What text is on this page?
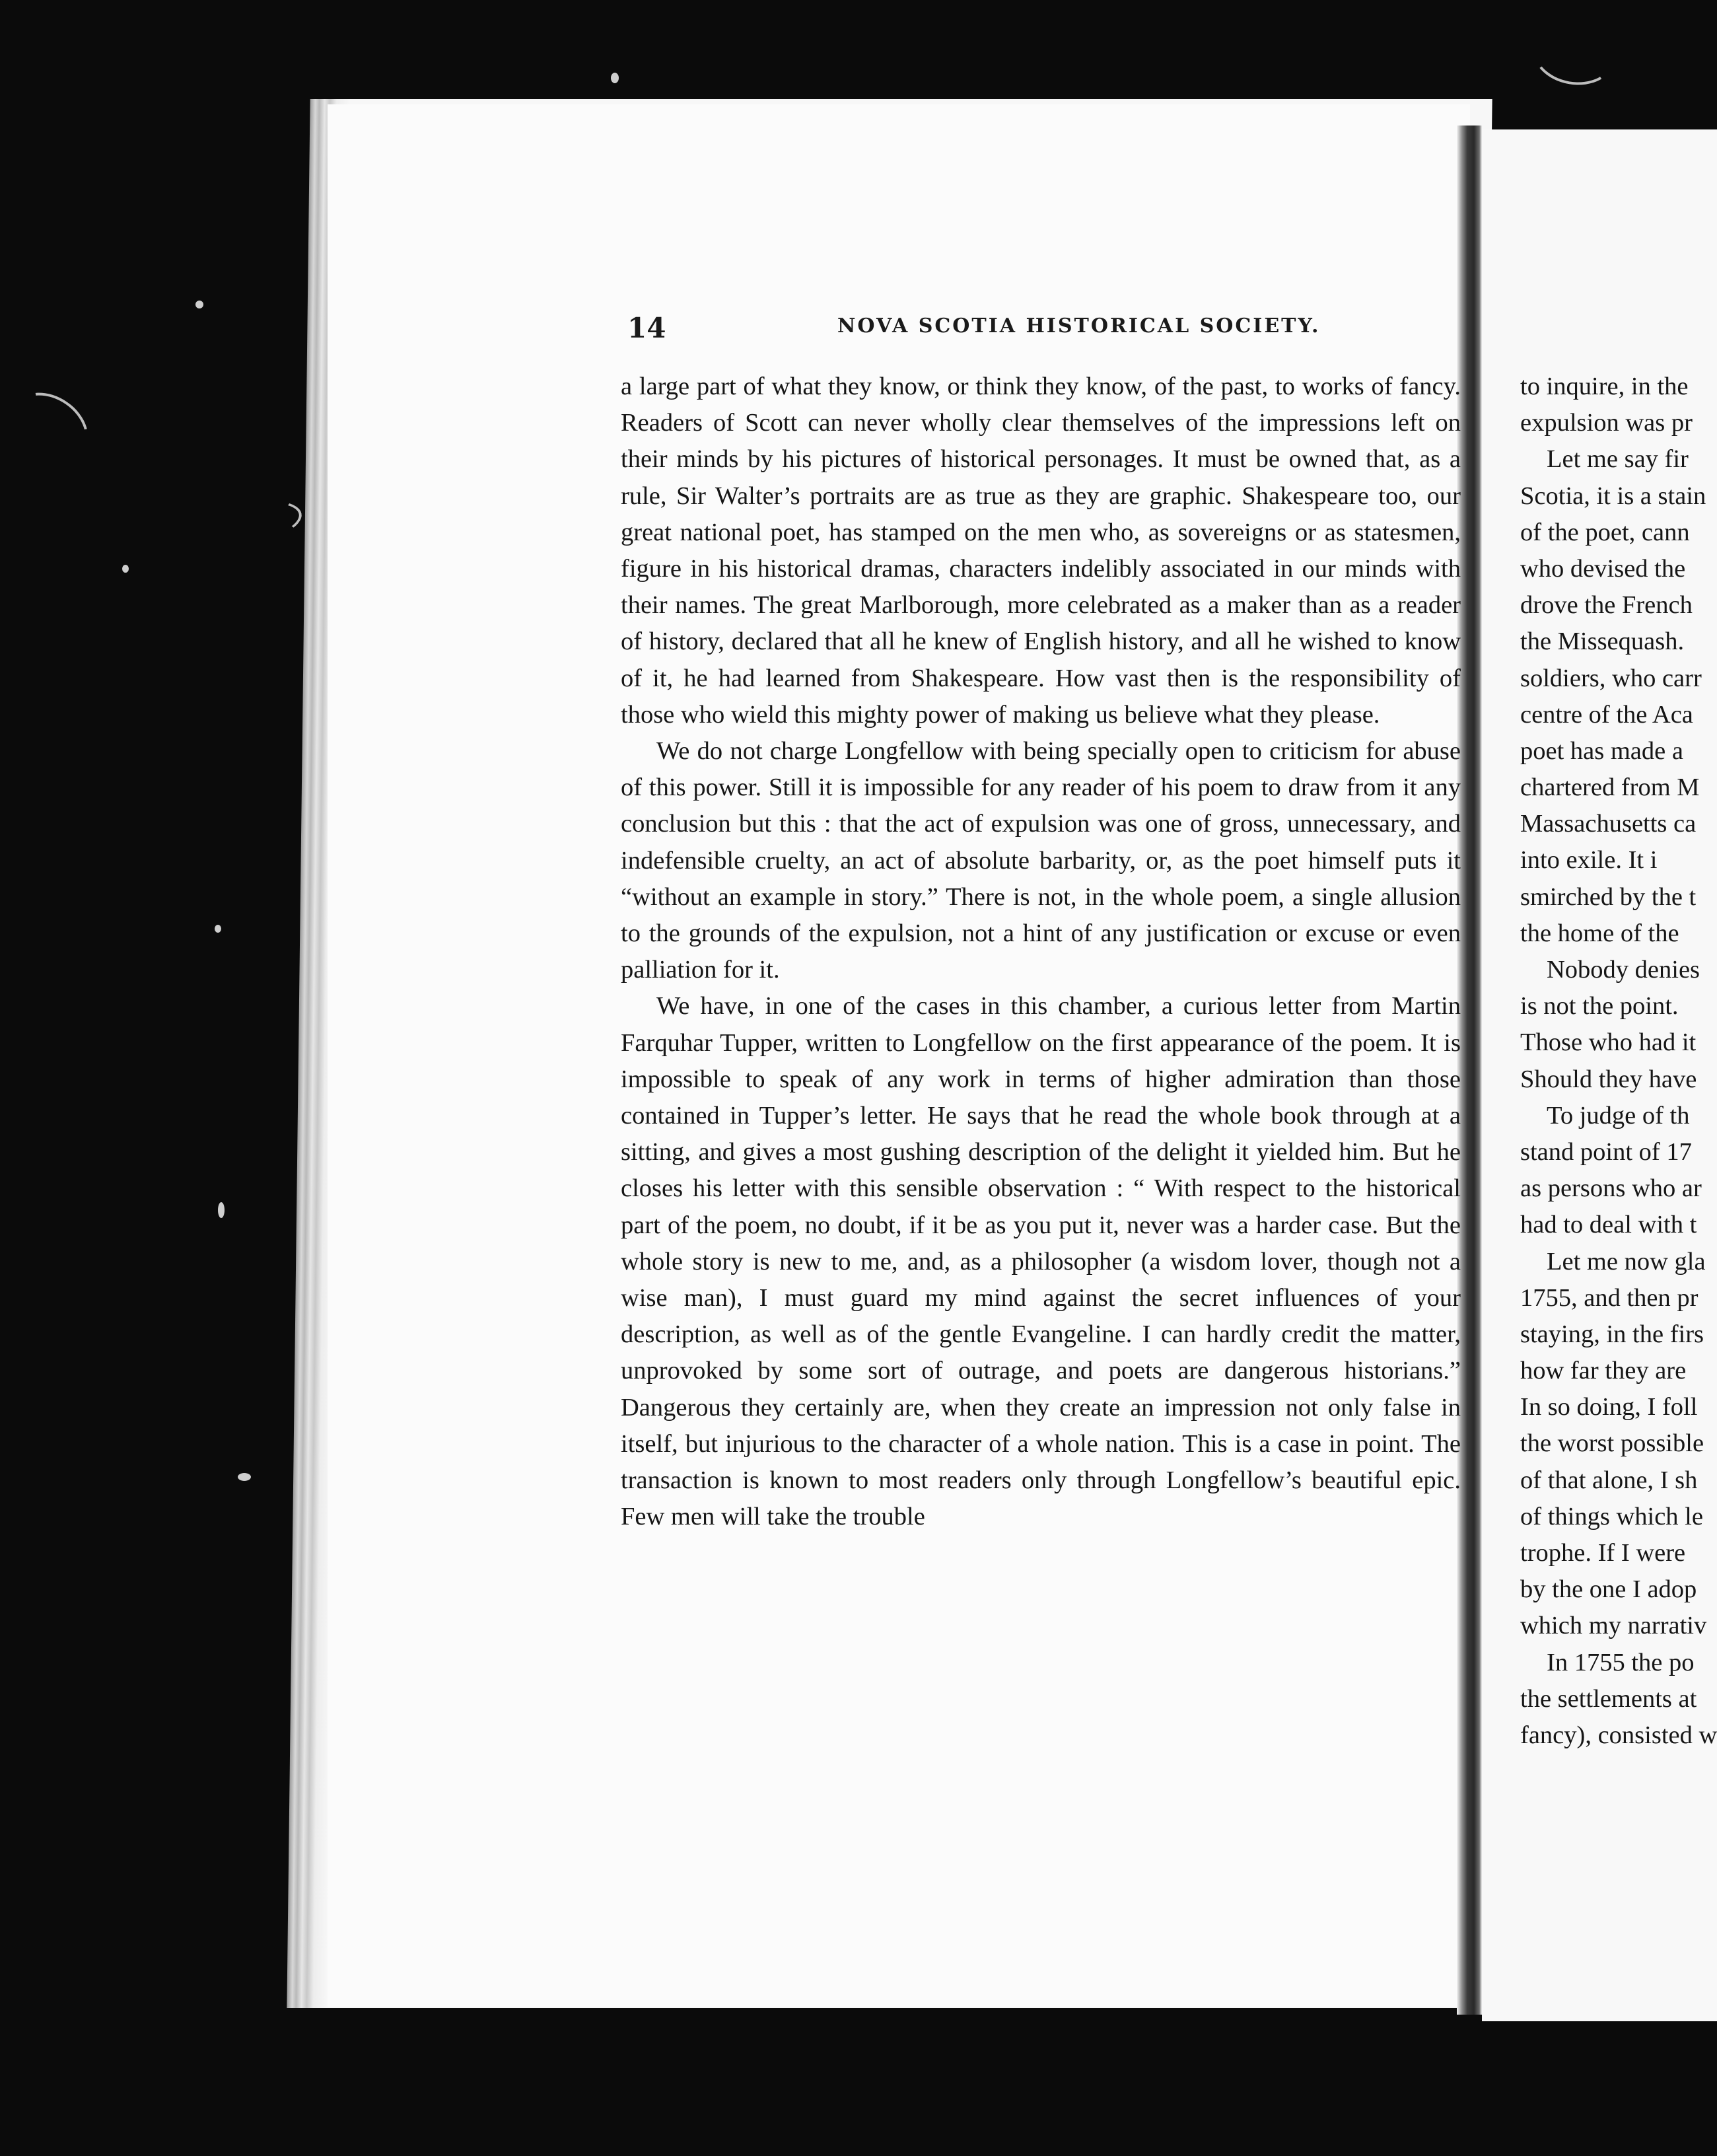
14	NOVA SCOTIA HISTORICAL SOCIETY.

a large part of what they know, or think they know, of the past, to works of fancy. Readers of Scott can never wholly clear themselves of the impressions left on their minds by his pictures of historical personages. It must be owned that, as a rule, Sir Walter’s portraits are as true as they are graphic. Shakespeare too, our great national poet, has stamped on the men who, as sovereigns or as statesmen, figure in his historical dramas, characters indelibly associated in our minds with their names. The great Marlborough, more celebrated as a maker than as a reader of history, declared that all he knew of English history, and all he wished to know of it, he had learned from Shakespeare. How vast then is the responsibility of those who wield this mighty power of making us believe what they please.

We do not charge Longfellow with being specially open to criticism for abuse of this power. Still it is impossible for any reader of his poem to draw from it any conclusion but this : that the act of expulsion was one of gross, unnecessary, and indefensible cruelty, an act of absolute barbarity, or, as the poet himself puts it “without an example in story.” There is not, in the whole poem, a single allusion to the grounds of the expulsion, not a hint of any justification or excuse or even palliation for it.

We have, in one of the cases in this chamber, a curious letter from Martin Farquhar Tupper, written to Longfellow on the first appearance of the poem. It is impossible to speak of any work in terms of higher admiration than those contained in Tupper’s letter. He says that he read the whole book through at a sitting, and gives a most gushing description of the delight it yielded him. But he closes his letter with this sensible observation : “ With respect to the historical part of the poem, no doubt, if it be as you put it, never was a harder case. But the whole story is new to me, and, as a philosopher (a wisdom lover, though not a wise man), I must guard my mind against the secret influences of your description, as well as of the gentle Evangeline. I can hardly credit the matter, unprovoked by some sort of outrage, and poets are dangerous historians.” Dangerous they certainly are, when they create an impression not only false in itself, but injurious to the character of a whole nation. This is a case in point. The transaction is known to most readers only through Longfellow’s beautiful epic. Few men will take the trouble

to inquire, in the
expulsion was pr
Let me say fir
Scotia, it is a stain
of the poet, cann
who devised the
drove the French
the Missequash.
soldiers, who carr
centre of the Aca
poet has made a
chartered from M
Massachusetts ca
into exile. It i
smirched by the t
the home of the
Nobody denies
is not the point.
Those who had it
Should they have
To judge of th
stand point of 17
as persons who ar
had to deal with t
Let me now gla
1755, and then pr
staying, in the firs
how far they are
In so doing, I foll
the worst possible
of that alone, I sh
of things which le
trophe. If I were
by the one I adop
which my narrativ
In 1755 the po
the settlements at
fancy), consisted w
